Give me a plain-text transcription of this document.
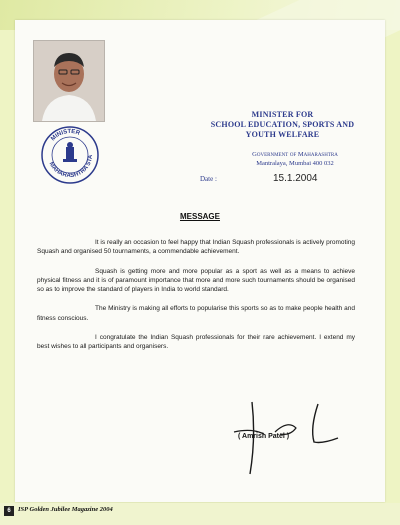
MINISTER
MAHARASHTRA STA
MINISTER FOR
SCHOOL EDUCATION, SPORTS AND
YOUTH WELFARE
Government of Maharashtra
Mantralaya, Mumbai 400 032
Date :	15.1.2004
MESSAGE

It is really an occasion to feel happy that Indian Squash professionals is actively promoting Squash and organised 50 tournaments, a commendable achievement.

Squash is getting more and more popular as a sport as well as a means to achieve physical fitness and it is of paramount importance that more and more such tournaments should be organised so as to improve the standard of players in India to world standard.

The Ministry is making all efforts to popularise this sports so as to make people health and fitness conscious.

I congratulate the Indian Squash professionals for their rare achievement. I extend my best wishes to all participants and organisers.

( Amrish Patel )
6	ISP Golden Jubilee Magazine 2004
